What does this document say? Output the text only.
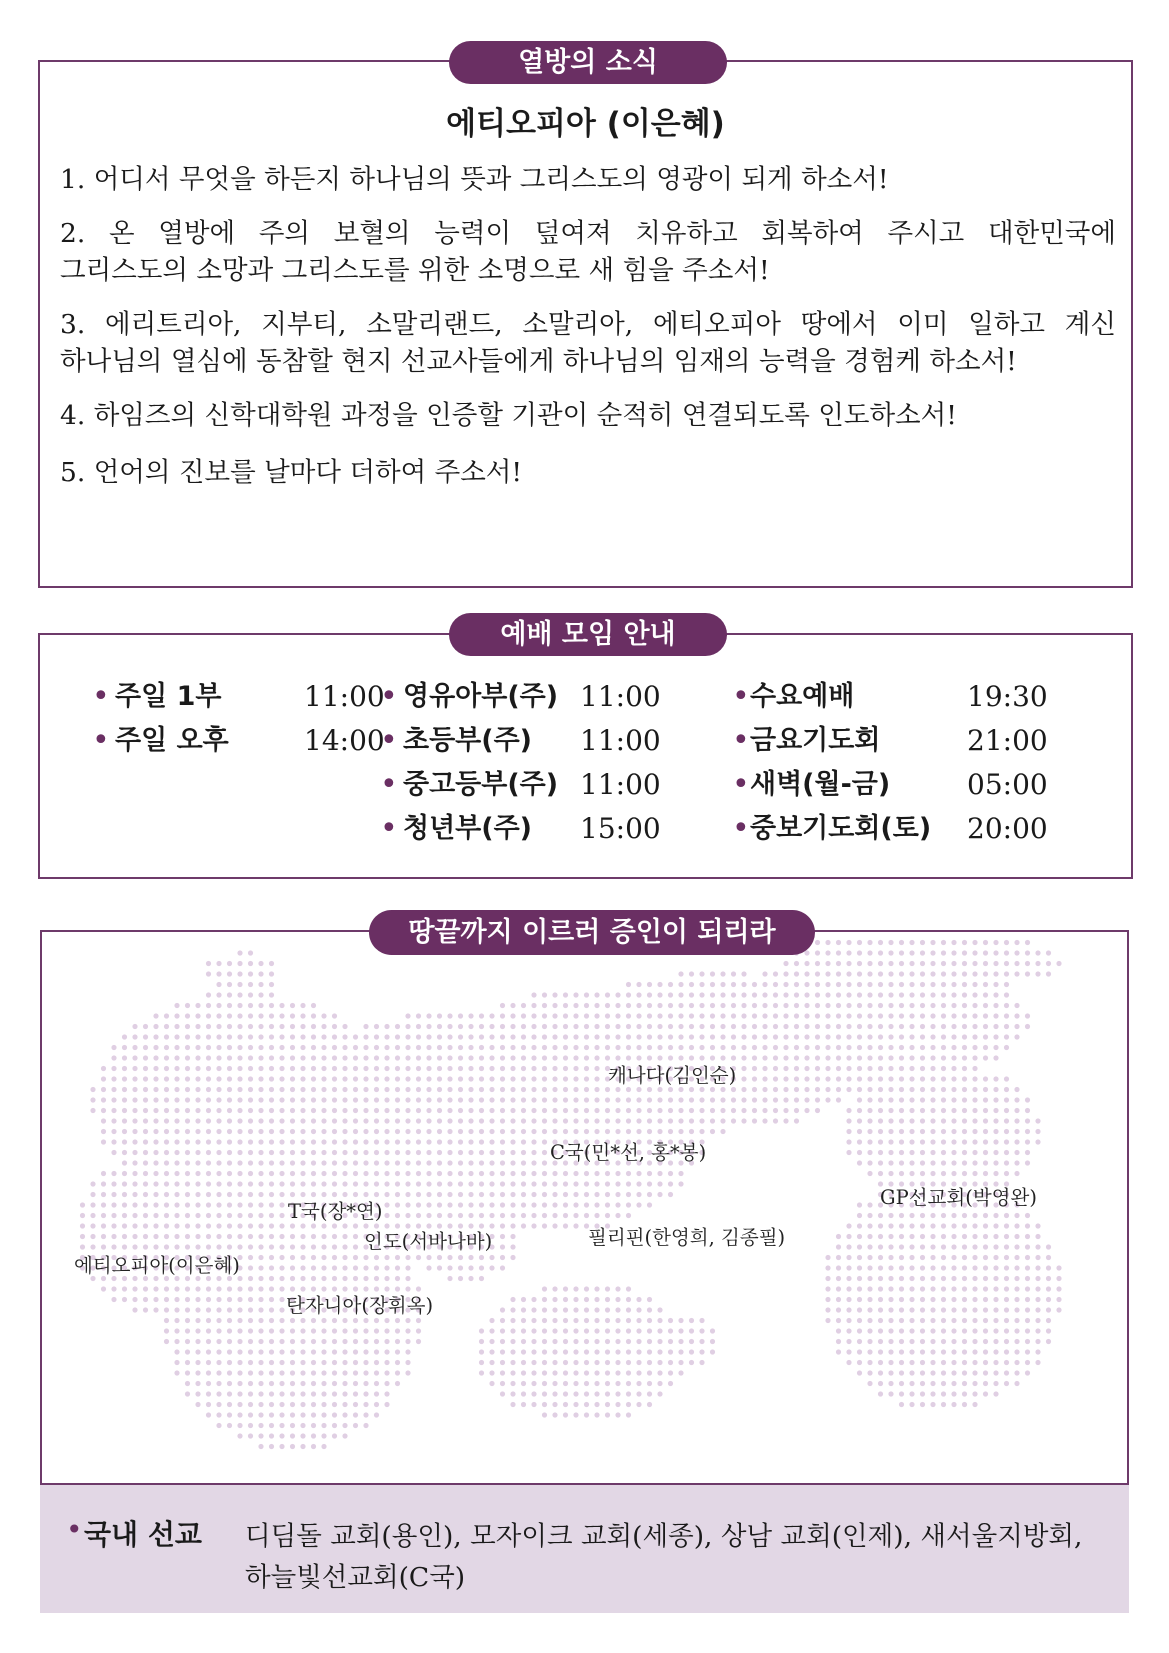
에티오피아 (이은혜)

1. 어디서 무엇을 하든지 하나님의 뜻과 그리스도의 영광이 되게 하소서!

2. 온 열방에 주의 보혈의 능력이 덮여져 치유하고 회복하여 주시고 대한민국에

그리스도의 소망과 그리스도를 위한 소명으로 새 힘을 주소서!

3. 에리트리아, 지부티, 소말리랜드, 소말리아, 에티오피아 땅에서 이미 일하고 계신

하나님의 열심에 동참할 현지 선교사들에게 하나님의 임재의 능력을 경험케 하소서!

4. 하임즈의 신학대학원 과정을 인증할 기관이 순적히 연결되도록 인도하소서!

5. 언어의 진보를 날마다 더하여 주소서!

열방의 소식
• 주일 1부	11:00
• 주일 오후	14:00
• 영유아부(주) 11:00
• 초등부(주) 11:00
• 중고등부(주) 11:00
• 청년부(주) 15:00
• 수요예배	19:30
• 금요기도회	21:00
• 새벽(월-금)	05:00
• 중보기도회(토) 20:00
예배 모임 안내
캐나다(김인순)
C국(민*선, 홍*봉)
GP선교회(박영완)
T국(장*연)
인도(서바나바)	필리핀(한영희, 김종필)
에티오피아(이은혜)
탄자니아(장휘옥)
땅끝까지 이르러 증인이 되리라
• 국내 선교 디딤돌 교회(용인), 모자이크 교회(세종), 상남 교회(인제), 새서울지방회,
하늘빛선교회(C국)
